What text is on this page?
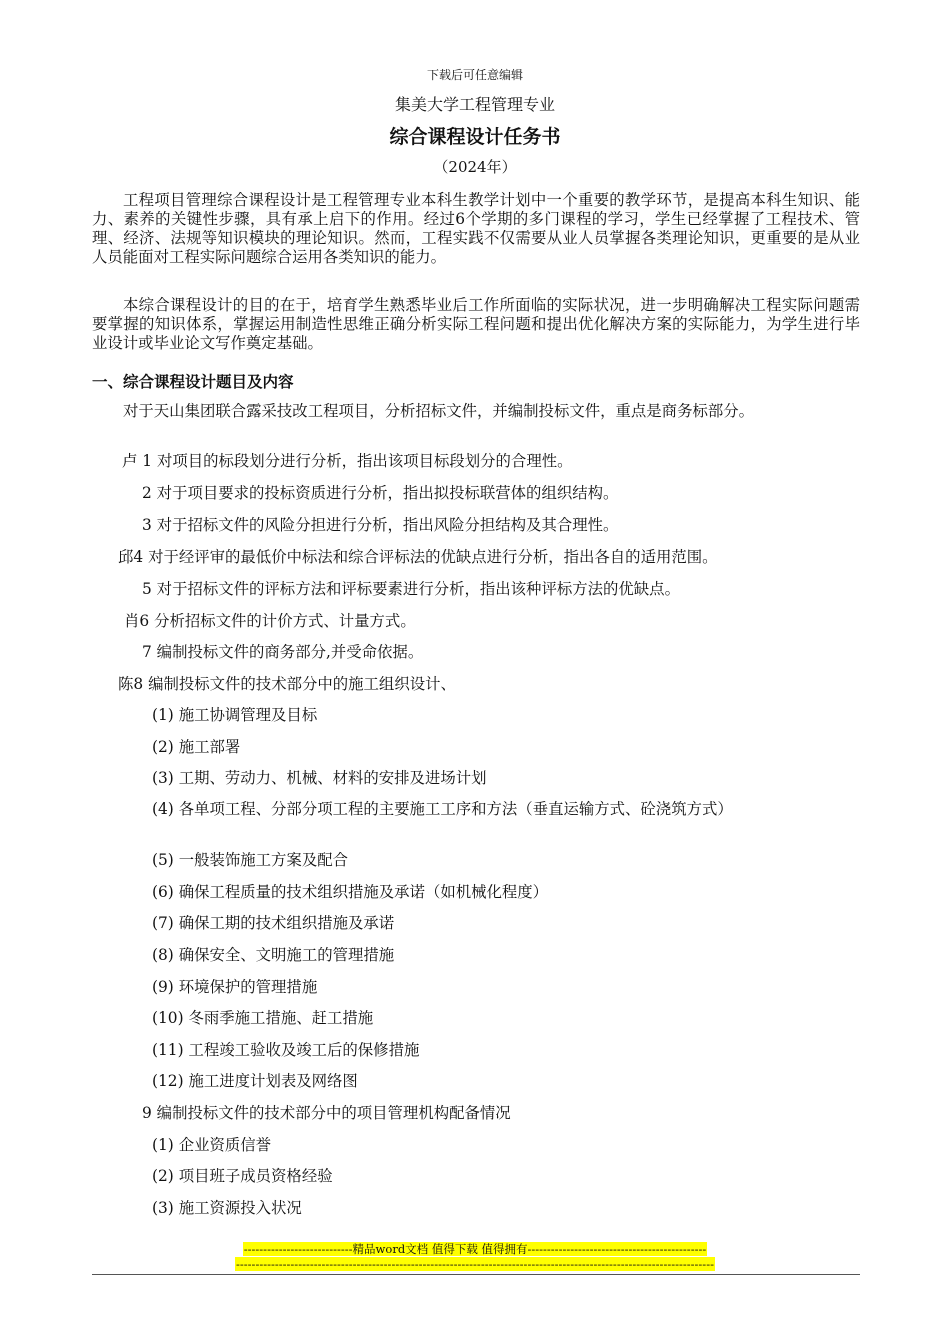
下载后可任意编辑
集美大学工程管理专业
综合课程设计任务书
（2024年）

工程项目管理综合课程设计是工程管理专业本科生教学计划中一个重要的教学环节，是提高本科生知识、能力、素养的关键性步骤，具有承上启下的作用。经过6个学期的多门课程的学习，学生已经掌握了工程技术、管理、经济、法规等知识模块的理论知识。然而，工程实践不仅需要从业人员掌握各类理论知识，更重要的是从业人员能面对工程实际问题综合运用各类知识的能力。

本综合课程设计的目的在于，培育学生熟悉毕业后工作所面临的实际状况，进一步明确解决工程实际问题需要掌握的知识体系，掌握运用制造性思维正确分析实际工程问题和提出优化解决方案的实际能力，为学生进行毕业设计或毕业论文写作奠定基础。

一、综合课程设计题目及内容

对于天山集团联合露采技改工程项目，分析招标文件，并编制投标文件，重点是商务标部分。

卢 1 对项目的标段划分进行分析，指出该项目标段划分的合理性。

2 对于项目要求的投标资质进行分析，指出拟投标联营体的组织结构。

3 对于招标文件的风险分担进行分析，指出风险分担结构及其合理性。

邱4 对于经评审的最低价中标法和综合评标法的优缺点进行分析，指出各自的适用范围。

5 对于招标文件的评标方法和评标要素进行分析，指出该种评标方法的优缺点。

肖6 分析招标文件的计价方式、计量方式。

7 编制投标文件的商务部分,并受命依据。

陈8 编制投标文件的技术部分中的施工组织设计、

(1) 施工协调管理及目标

(2) 施工部署

(3) 工期、劳动力、机械、材料的安排及进场计划

(4) 各单项工程、分部分项工程的主要施工工序和方法（垂直运输方式、砼浇筑方式）

(5) 一般装饰施工方案及配合

(6) 确保工程质量的技术组织措施及承诺（如机械化程度）

(7) 确保工期的技术组织措施及承诺

(8) 确保安全、文明施工的管理措施

(9) 环境保护的管理措施

(10) 冬雨季施工措施、赶工措施

(11) 工程竣工验收及竣工后的保修措施

(12) 施工进度计划表及网络图

9 编制投标文件的技术部分中的项目管理机构配备情况

(1) 企业资质信誉

(2) 项目班子成员资格经验

(3) 施工资源投入状况

----------------------------精品word文档 值得下载 值得拥有----------------------------------------------
---------------------------------------------------------------------------------------------------------------------------
